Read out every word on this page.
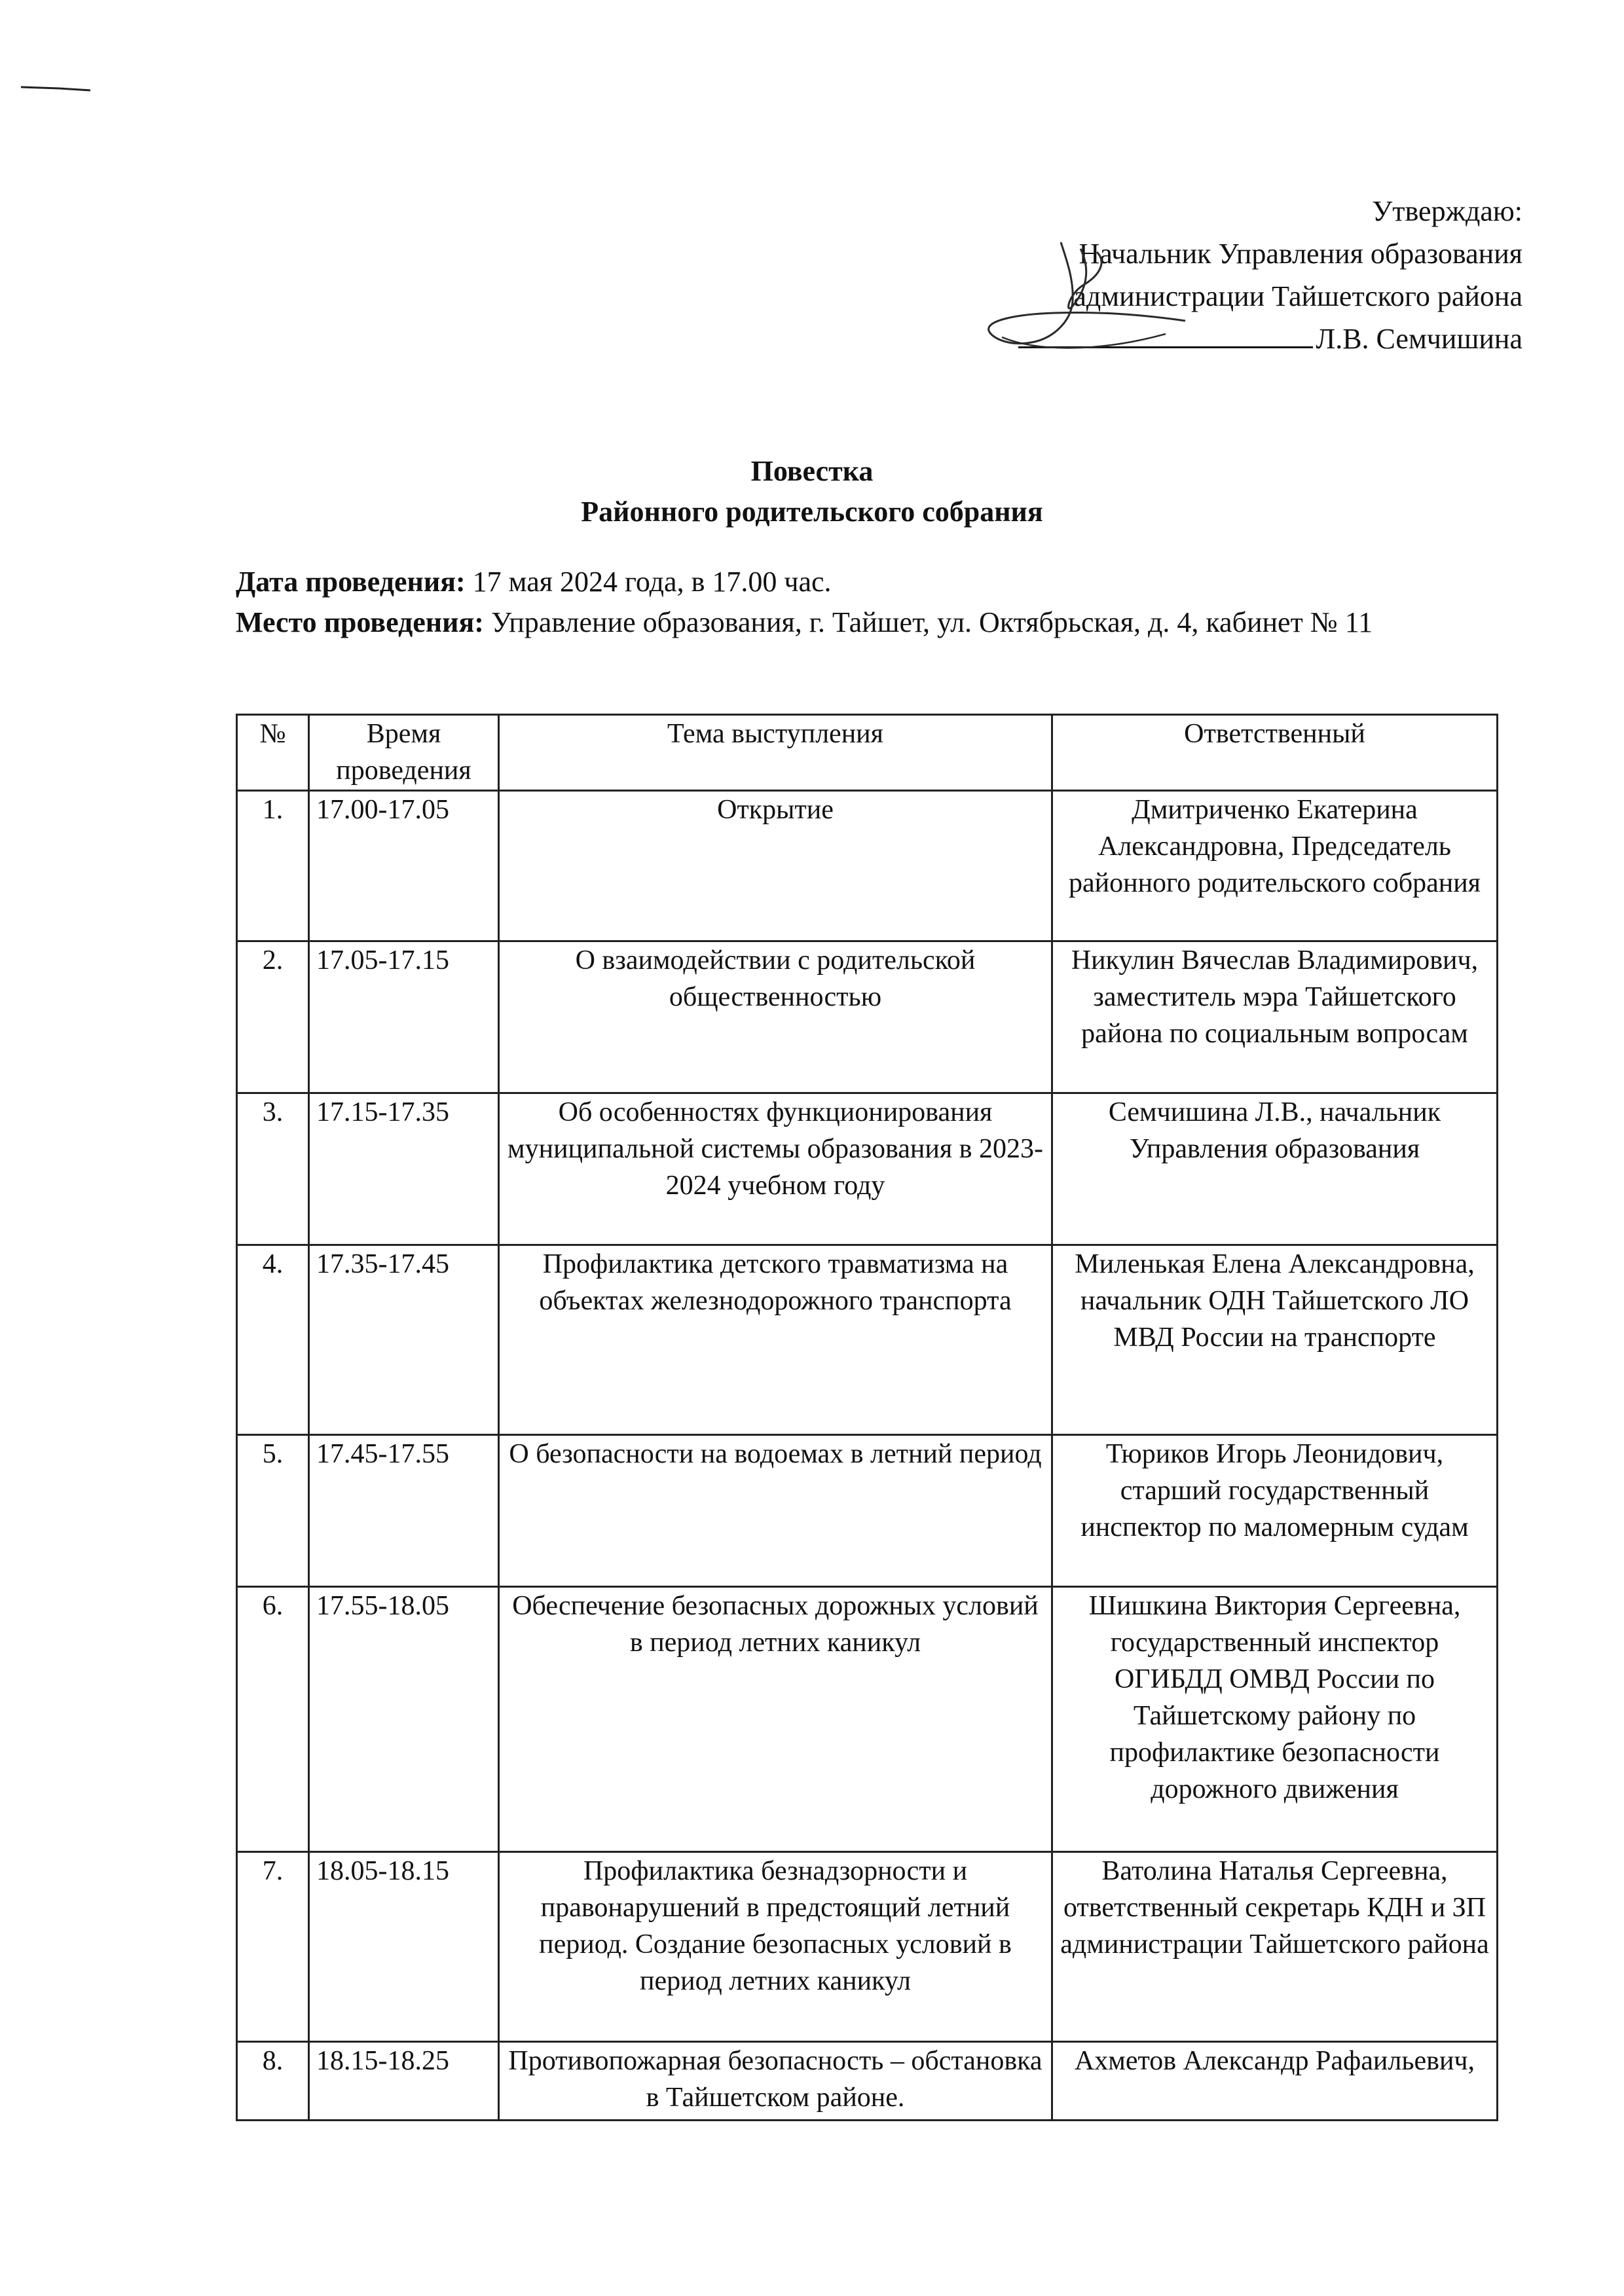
Утверждаю:
Начальник Управления образования
администрации Тайшетского района
Л.В. Семчишина
Повестка
Районного родительского собрания
Дата проведения: 17 мая 2024 года, в 17.00 час.
Место проведения: Управление образования, г. Тайшет, ул. Октябрьская, д. 4, кабинет № 11
№	Время проведения	Тема выступления	Ответственный
1.	17.00-17.05	Открытие	Дмитриченко Екатерина Александровна, Председатель районного родительского собрания
2.	17.05-17.15	О взаимодействии с родительской общественностью	Никулин Вячеслав Владимирович, заместитель мэра Тайшетского района по социальным вопросам
3.	17.15-17.35	Об особенностях функционирования муниципальной системы образования в 2023-2024 учебном году	Семчишина Л.В., начальник Управления образования
4.	17.35-17.45	Профилактика детского травматизма на объектах железнодорожного транспорта	Миленькая Елена Александровна, начальник ОДН Тайшетского ЛО МВД России на транспорте
5.	17.45-17.55	О безопасности на водоемах в летний период	Тюриков Игорь Леонидович, старший государственный инспектор по маломерным судам
6.	17.55-18.05	Обеспечение безопасных дорожных условий в период летних каникул	Шишкина Виктория Сергеевна, государственный инспектор ОГИБДД ОМВД России по Тайшетскому району по профилактике безопасности дорожного движения
7.	18.05-18.15	Профилактика безнадзорности и правонарушений в предстоящий летний период. Создание безопасных условий в период летних каникул	Ватолина Наталья Сергеевна, ответственный секретарь КДН и ЗП администрации Тайшетского района
8.	18.15-18.25	Противопожарная безопасность – обстановка в Тайшетском районе.	Ахметов Александр Рафаильевич,
